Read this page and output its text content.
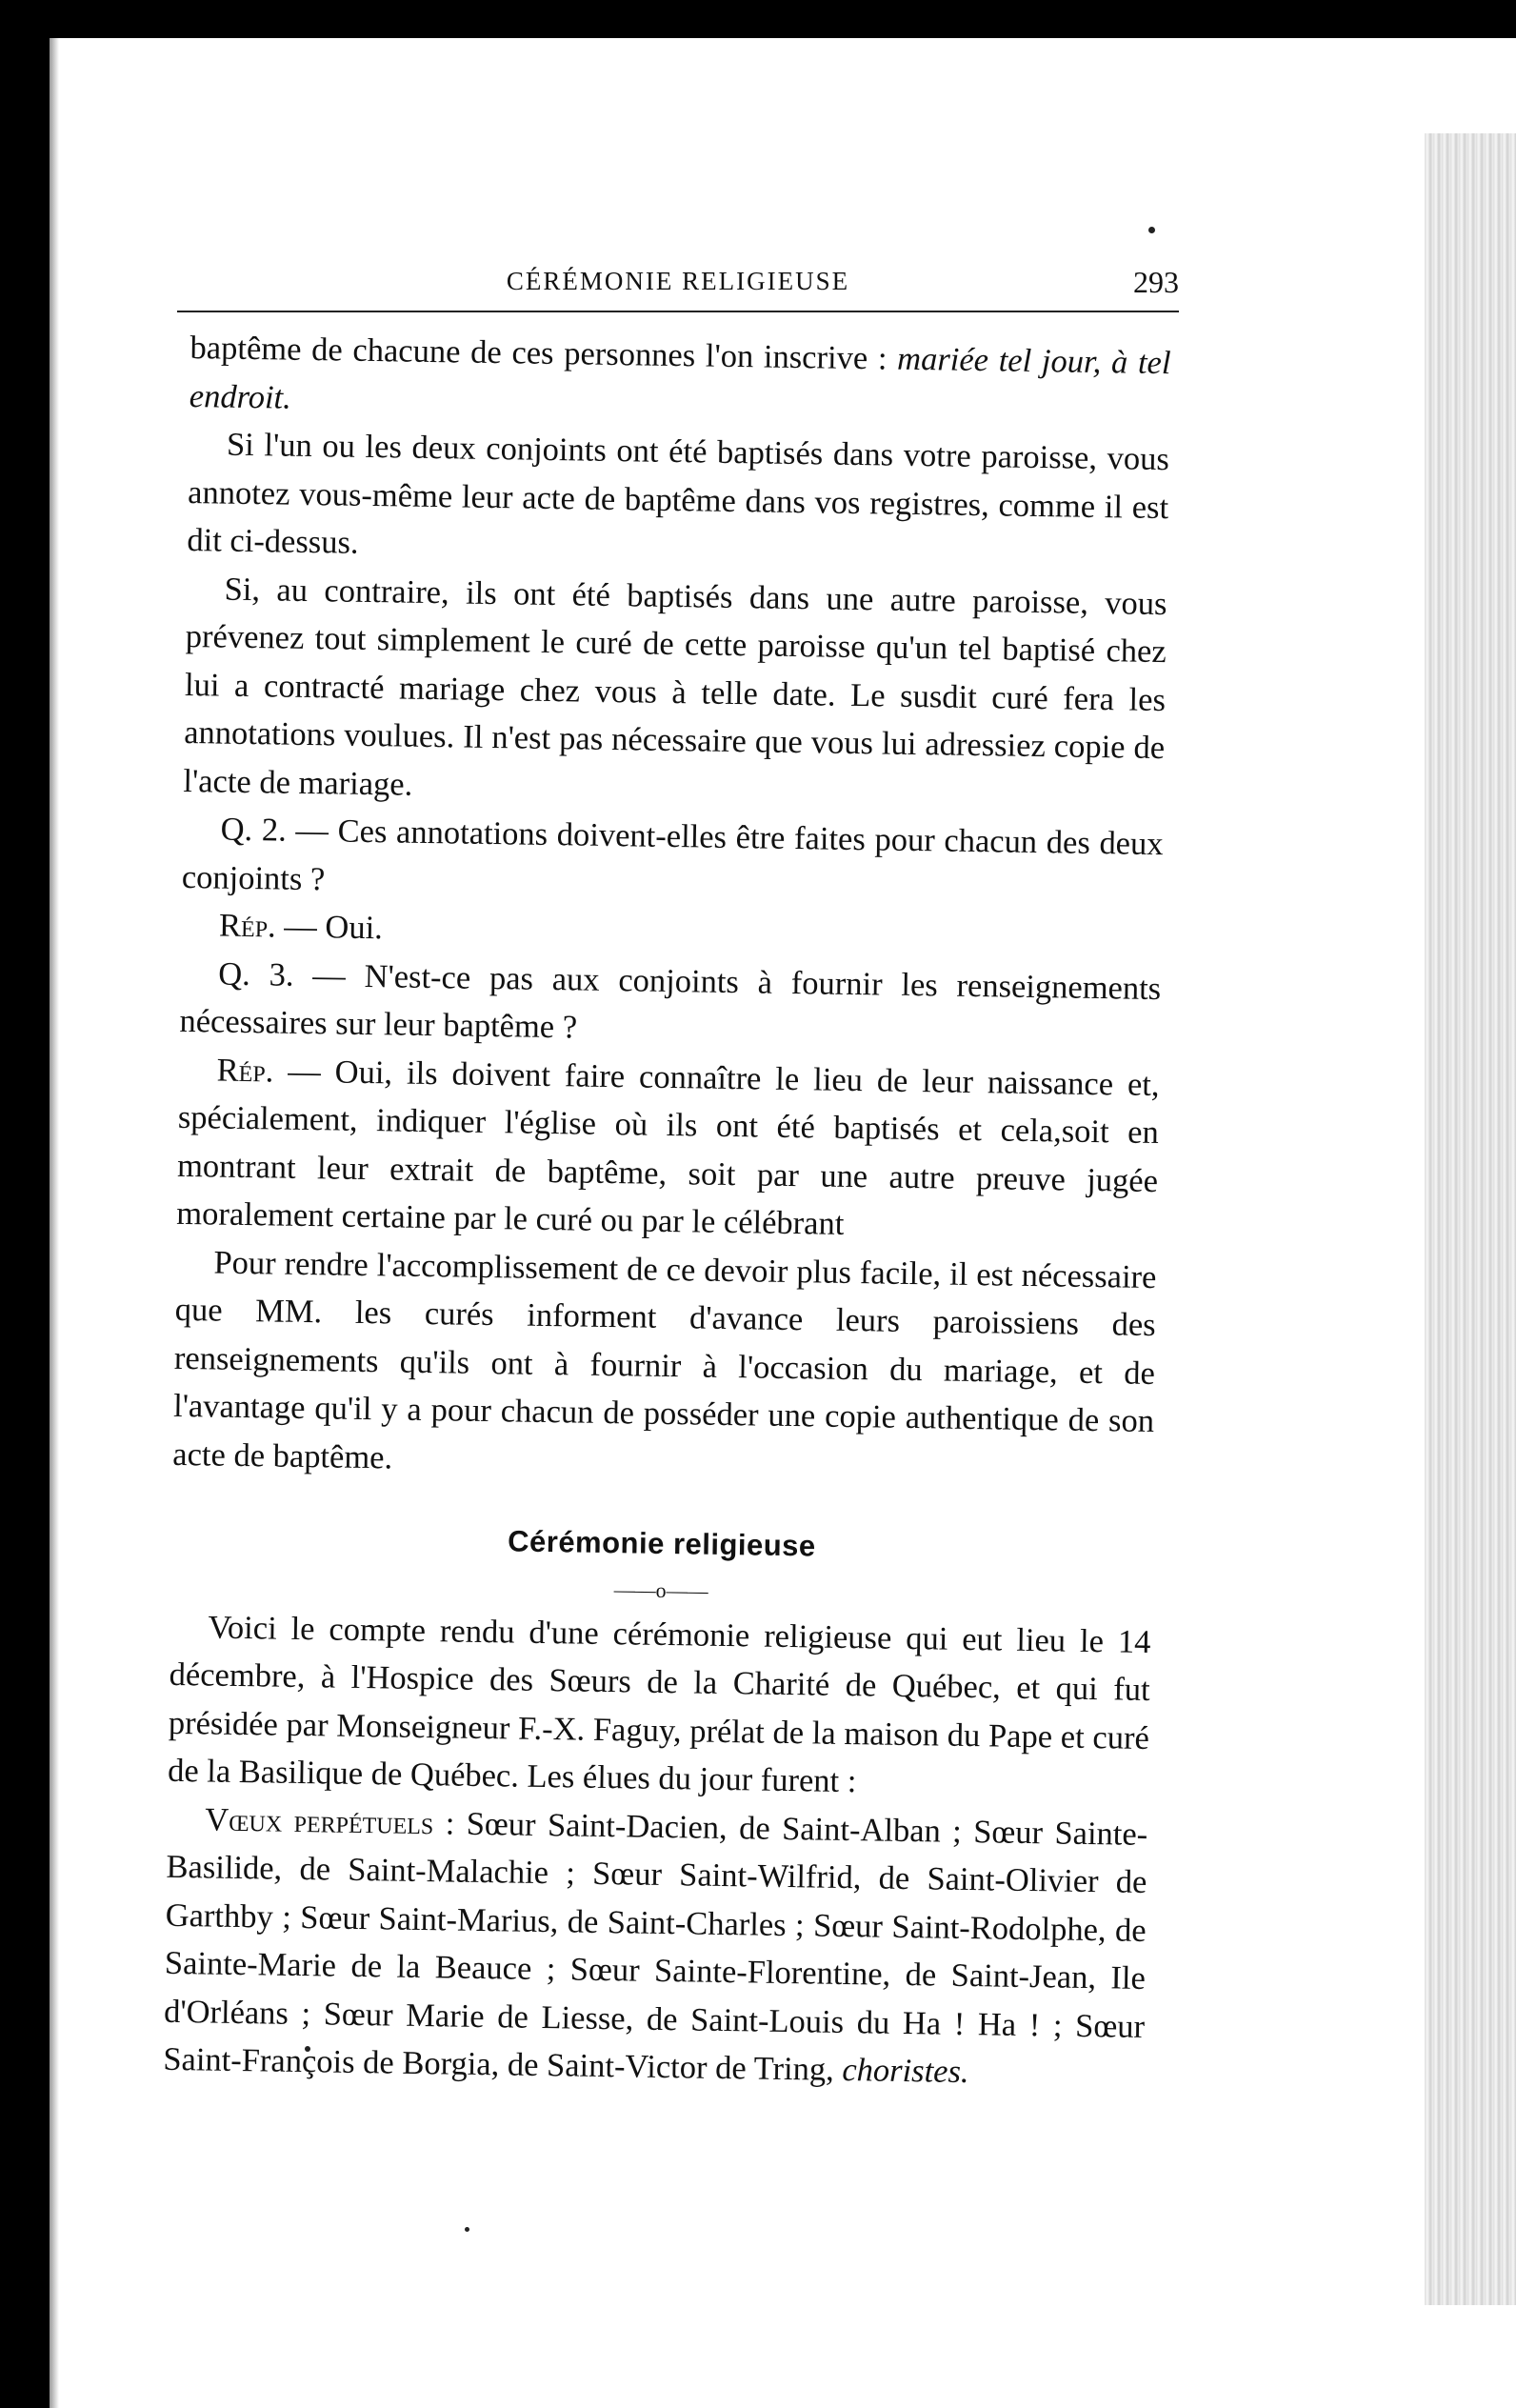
CÉRÉMONIE RELIGIEUSE	293

baptême de chacune de ces personnes l'on inscrive : mariée tel jour, à tel endroit.

Si l'un ou les deux conjoints ont été baptisés dans votre paroisse, vous annotez vous-même leur acte de baptême dans vos registres, comme il est dit ci-dessus.

Si, au contraire, ils ont été baptisés dans une autre paroisse, vous prévenez tout simplement le curé de cette paroisse qu'un tel baptisé chez lui a contracté mariage chez vous à telle date. Le susdit curé fera les annotations voulues. Il n'est pas nécessaire que vous lui adressiez copie de l'acte de mariage.

Q. 2. — Ces annotations doivent-elles être faites pour chacun des deux conjoints ?

Rép. — Oui.

Q. 3. — N'est-ce pas aux conjoints à fournir les renseignements nécessaires sur leur baptême ?

Rép. — Oui, ils doivent faire connaître le lieu de leur naissance et, spécialement, indiquer l'église où ils ont été baptisés et cela,soit en montrant leur extrait de baptême, soit par une autre preuve jugée moralement certaine par le curé ou par le célébrant

Pour rendre l'accomplissement de ce devoir plus facile, il est nécessaire que MM. les curés informent d'avance leurs paroissiens des renseignements qu'ils ont à fournir à l'occasion du mariage, et de l'avantage qu'il y a pour chacun de posséder une copie authentique de son acte de baptême.

Cérémonie religieuse
——o——

Voici le compte rendu d'une cérémonie religieuse qui eut lieu le 14 décembre, à l'Hospice des Sœurs de la Charité de Québec, et qui fut présidée par Monseigneur F.-X. Faguy, prélat de la maison du Pape et curé de la Basilique de Québec. Les élues du jour furent :

Vœux perpétuels : Sœur Saint-Dacien, de Saint-Alban ; Sœur Sainte-Basilide, de Saint-Malachie ; Sœur Saint-Wilfrid, de Saint-Olivier de Garthby ; Sœur Saint-Marius, de Saint-Charles ; Sœur Saint-Rodolphe, de Sainte-Marie de la Beauce ; Sœur Sainte-Florentine, de Saint-Jean, Ile d'Orléans ; Sœur Marie de Liesse, de Saint-Louis du Ha ! Ha ! ; Sœur Saint-François de Borgia, de Saint-Victor de Tring, choristes.
